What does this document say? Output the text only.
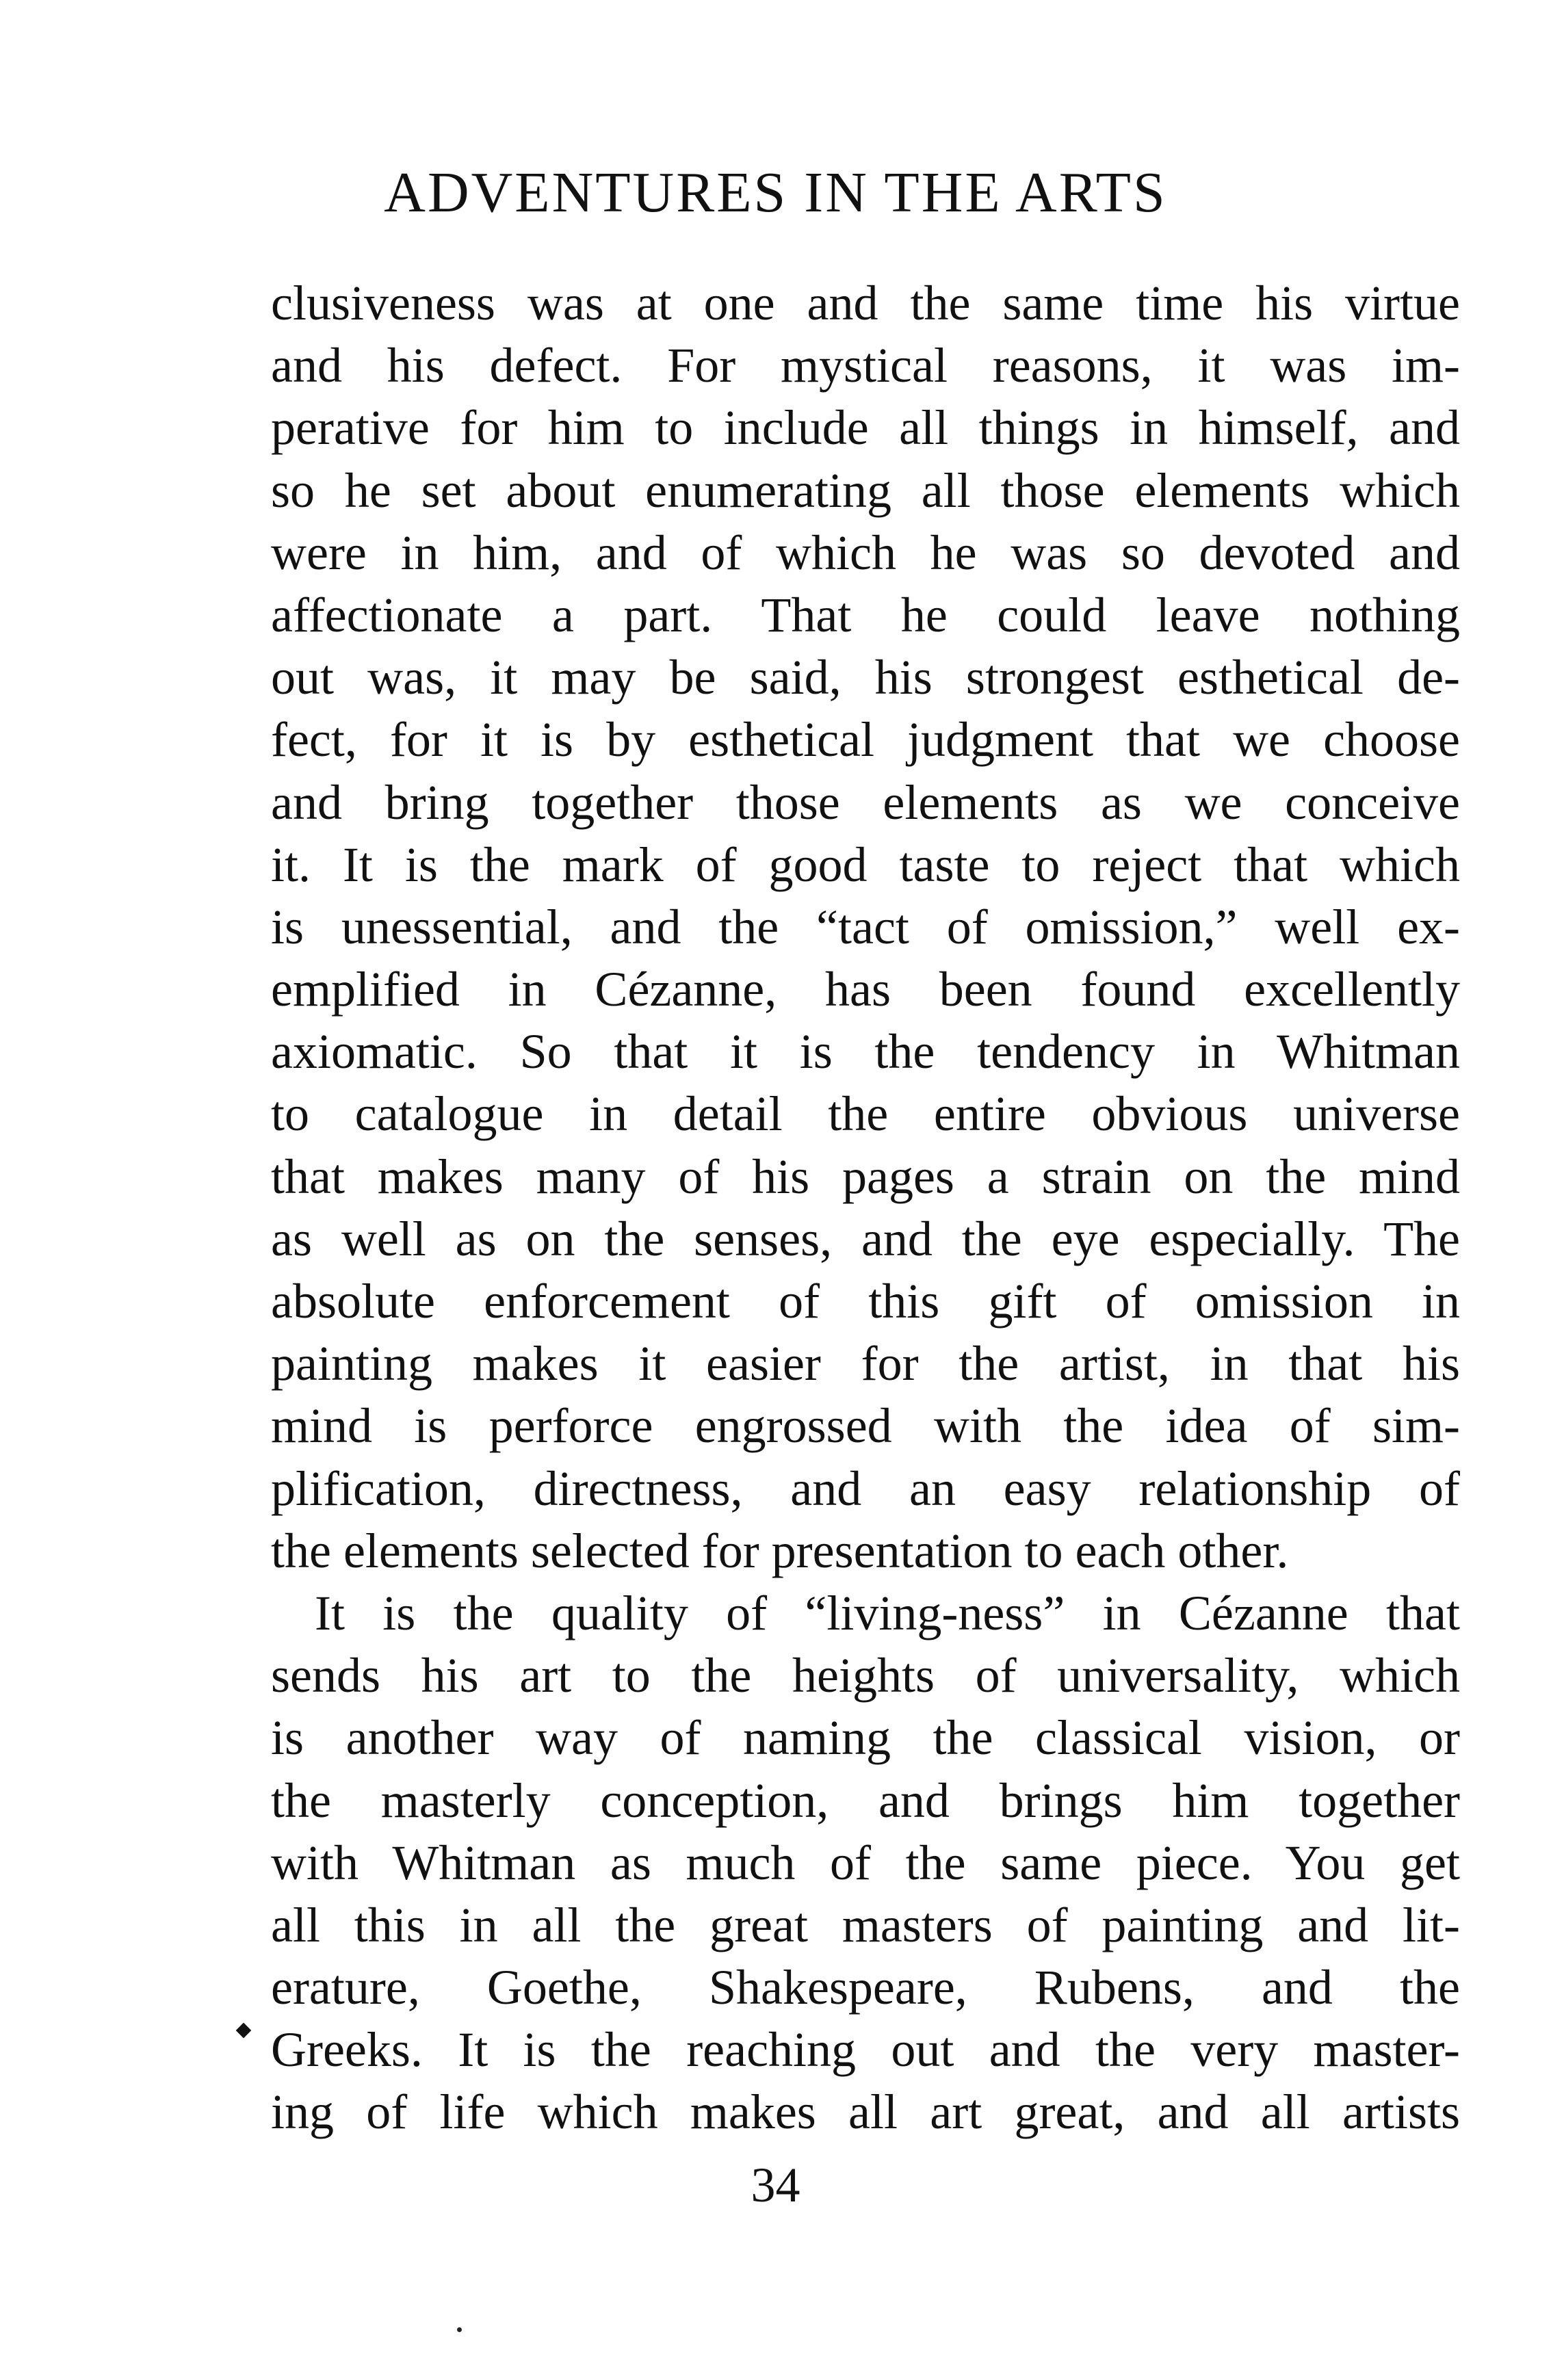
ADVENTURES IN THE ARTS
clusiveness was at one and the same time his virtue
and his defect. For mystical reasons, it was im-
perative for him to include all things in himself, and
so he set about enumerating all those elements which
were in him, and of which he was so devoted and
affectionate a part. That he could leave nothing
out was, it may be said, his strongest esthetical de-
fect, for it is by esthetical judgment that we choose
and bring together those elements as we conceive
it. It is the mark of good taste to reject that which
is unessential, and the “tact of omission,” well ex-
emplified in Cézanne, has been found excellently
axiomatic. So that it is the tendency in Whitman
to catalogue in detail the entire obvious universe
that makes many of his pages a strain on the mind
as well as on the senses, and the eye especially. The
absolute enforcement of this gift of omission in
painting makes it easier for the artist, in that his
mind is perforce engrossed with the idea of sim-
plification, directness, and an easy relationship of
the elements selected for presentation to each other.
It is the quality of “living-ness” in Cézanne that
sends his art to the heights of universality, which
is another way of naming the classical vision, or
the masterly conception, and brings him together
with Whitman as much of the same piece. You get
all this in all the great masters of painting and lit-
erature, Goethe, Shakespeare, Rubens, and the
Greeks. It is the reaching out and the very master-
ing of life which makes all art great, and all artists
34
